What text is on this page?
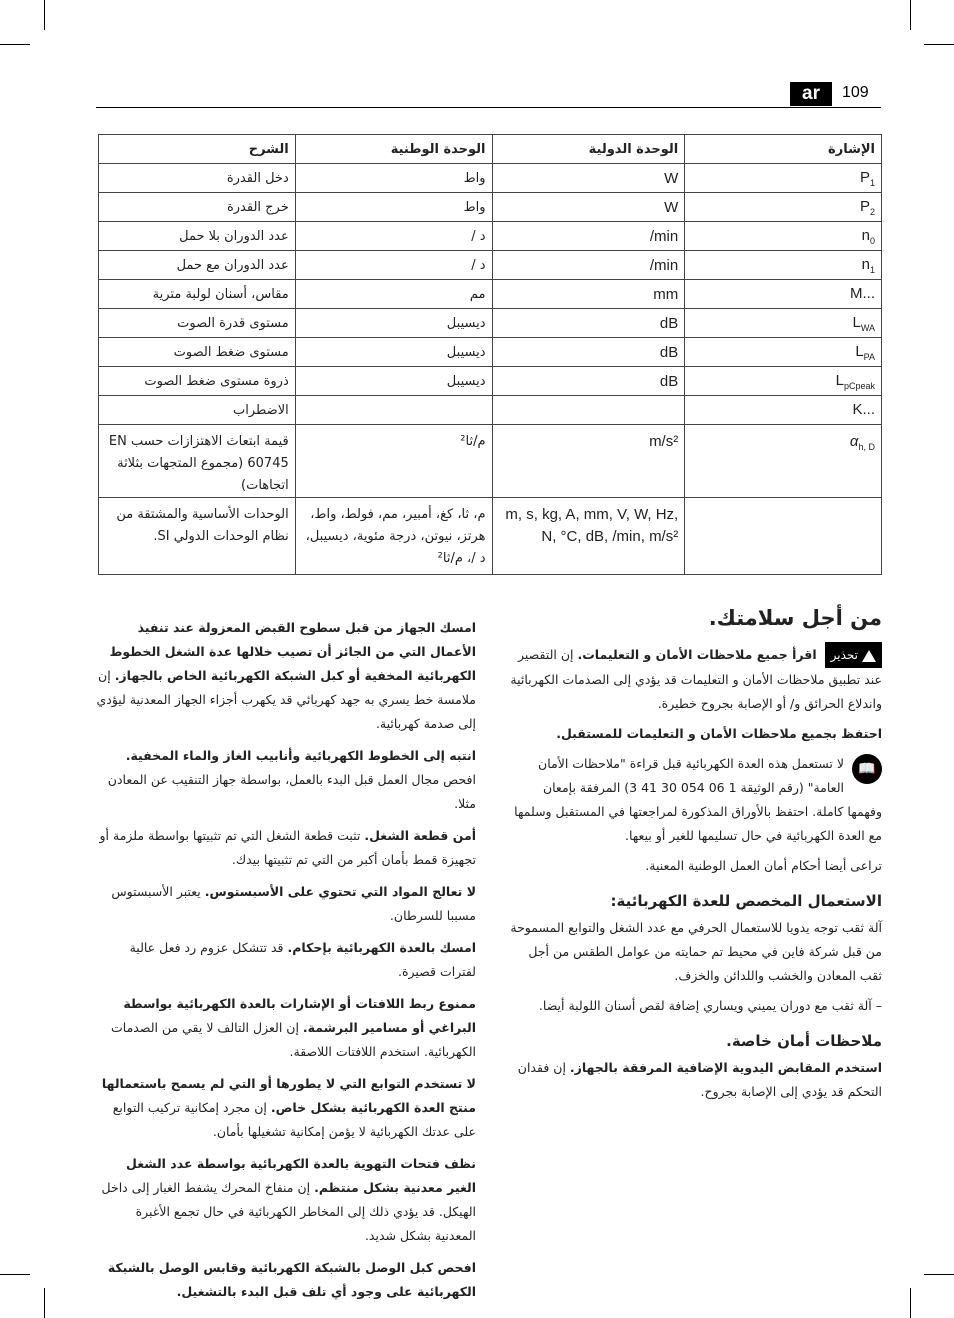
ar	109
الشرح	الوحدة الوطنية	الوحدة الدولية	الإشارة
دخل القدرة	واط	W	$P_1$
خرج القدرة	واط	W	$P_2$
عدد الدوران بلا حمل	د /	/min	$n_0$
عدد الدوران مع حمل	د /	/min	$n_1$
مقاس، أسنان لولبة مترية	مم	mm	M...
مستوى قدرة الصوت	ديسيبل	dB	$L_{WA}$
مستوى ضغط الصوت	ديسيبل	dB	$L_{PA}$
ذروة مستوى ضغط الصوت	ديسيبل	dB	$L_{pCpeak}$
الاضطراب			K...
قيمة ابتعاث الاهتزازات حسب EN 60745 (مجموع المتجهات بثلاثة اتجاهات)	م/ثا²	m/s²	$\alpha_{h, D}$
الوحدات الأساسية والمشتقة من نظام الوحدات الدولي SI.	م، ثا، كغ، أمبير، مم، فولط، واط، هرتز، نيوتن، درجة مئوية، ديسيبل، د /، م/ثا²	m, s, kg, A, mm, V, W, Hz, N, °C, dB, /min, m/s²	
من أجل سلامتك.
تحذير اقرأ جميع ملاحظات الأمان و التعليمات. إن التقصير عند تطبيق ملاحظات الأمان و التعليمات قد يؤدي إلى الصدمات الكهربائية واندلاع الحرائق و/ أو الإصابة بجروح خطيرة.
احتفظ بجميع ملاحظات الأمان و التعليمات للمستقبل.
📖
لا تستعمل هذه العدة الكهربائية قبل قراءة "ملاحظات الأمان العامة" (رقم الوثيقة 1 06 054 30 41 3) المرفقة بإمعان وفهمها كاملة. احتفظ بالأوراق المذكورة لمراجعتها في المستقبل وسلمها مع العدة الكهربائية في حال تسليمها للغير أو بيعها.
تراعى أيضا أحكام أمان العمل الوطنية المعنية.
الاستعمال المخصص للعدة الكهربائية:
آلة ثقب توجه يدويا للاستعمال الحرفي مع عدد الشغل والتوابع المسموحة من قبل شركة فاين في محيط تم حمايته من عوامل الطقس من أجل ثقب المعادن والخشب واللدائن والخزف.
– آلة ثقب مع دوران يميني ويساري إضافة لقص أسنان اللولبة أيضا.
ملاحظات أمان خاصة.
استخدم المقابض اليدوية الإضافية المرفقة بالجهاز. إن فقدان التحكم قد يؤدي إلى الإصابة بجروح.
امسك الجهاز من قبل سطوح القبض المعزولة عند تنفيذ الأعمال التي من الجائز أن تصيب خلالها عدة الشغل الخطوط الكهربائية المخفية أو كبل الشبكة الكهربائية الخاص بالجهاز. إن ملامسة خط يسري به جهد كهربائي قد يكهرب أجزاء الجهاز المعدنية ليؤدي إلى صدمة كهربائية.
انتبه إلى الخطوط الكهربائية وأنابيب الغاز والماء المخفية. افحص مجال العمل قبل البدء بالعمل، بواسطة جهاز التنقيب عن المعادن مثلا.
أمن قطعة الشغل. تثبت قطعة الشغل التي تم تثبيتها بواسطة ملزمة أو تجهيزة قمط بأمان أكبر من التي تم تثبيتها بيدك.
لا تعالج المواد التي تحتوي على الأسبستوس. يعتبر الأسبستوس مسببا للسرطان.
امسك بالعدة الكهربائية بإحكام. قد تتشكل عزوم رد فعل عالية لفترات قصيرة.
ممنوع ربط اللافتات أو الإشارات بالعدة الكهربائية بواسطة البراغي أو مسامير البرشمة. إن العزل التالف لا يقي من الصدمات الكهربائية. استخدم اللافتات اللاصقة.
لا تستخدم التوابع التي لا يطورها أو التي لم يسمح باستعمالها منتج العدة الكهربائية بشكل خاص. إن مجرد إمكانية تركيب التوابع على عدتك الكهربائية لا يؤمن إمكانية تشغيلها بأمان.
نظف فتحات التهوية بالعدة الكهربائية بواسطة عدد الشغل الغير معدنية بشكل منتظم. إن منفاخ المحرك يشفط الغبار إلى داخل الهيكل. قد يؤدي ذلك إلى المخاطر الكهربائية في حال تجمع الأغبرة المعدنية بشكل شديد.
افحص كبل الوصل بالشبكة الكهربائية وقابس الوصل بالشبكة الكهربائية على وجود أي تلف قبل البدء بالتشغيل.
